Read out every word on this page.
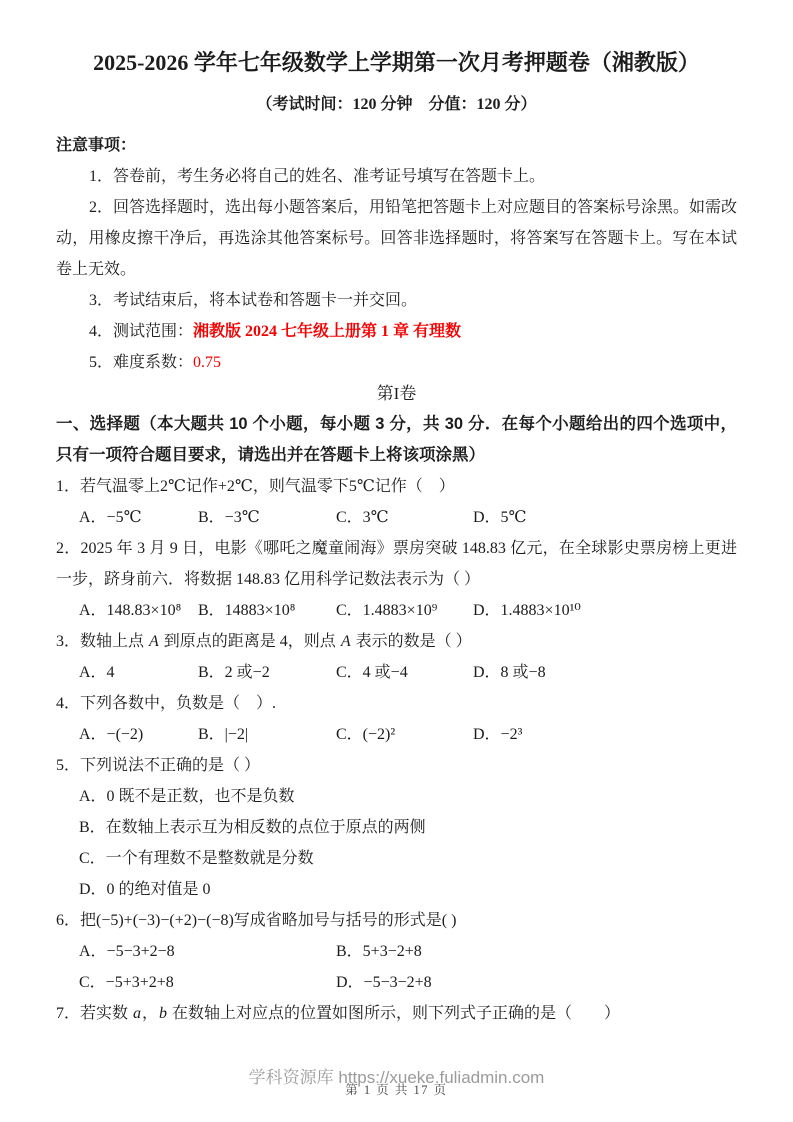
2025-2026 学年七年级数学上学期第一次月考押题卷（湘教版）

（考试时间：120 分钟　分值：120 分）

注意事项：

1．答卷前，考生务必将自己的姓名、准考证号填写在答题卡上。

2．回答选择题时，选出每小题答案后，用铅笔把答题卡上对应题目的答案标号涂黑。如需改动，用橡皮擦干净后，再选涂其他答案标号。回答非选择题时，将答案写在答题卡上。写在本试卷上无效。

3．考试结束后，将本试卷和答题卡一并交回。

4．测试范围：湘教版 2024 七年级上册第 1 章 有理数

5．难度系数：0.75

第I卷

一、选择题（本大题共 10 个小题，每小题 3 分，共 30 分．在每个小题给出的四个选项中，只有一项符合题目要求，请选出并在答题卡上将该项涂黑）

1．若气温零上2℃记作+2℃，则气温零下5℃记作（　）

A．−5℃	B．−3℃	C．3℃	D．5℃

2．2025 年 3 月 9 日，电影《哪吒之魔童闹海》票房突破 148.83 亿元，在全球影史票房榜上更进一步，跻身前六．将数据 148.83 亿用科学记数法表示为（ ）

A．148.83×10⁸	B．14883×10⁸	C．1.4883×10⁹	D．1.4883×10¹⁰

3．数轴上点 A 到原点的距离是 4，则点 A 表示的数是（ ）

A．4	B．2 或−2	C．4 或−4	D．8 或−8

4．下列各数中，负数是（　）.

A．−(−2)	B．|−2|	C．(−2)²	D．−2³

5．下列说法不正确的是（ ）

A．0 既不是正数，也不是负数
B．在数轴上表示互为相反数的点位于原点的两侧
C．一个有理数不是整数就是分数
D．0 的绝对值是 0

6．把(−5)+(−3)−(+2)−(−8)写成省略加号与括号的形式是( )

A．−5−3+2−8	B．5+3−2+8
C．−5+3+2+8	D．−5−3−2+8

7．若实数 a，b 在数轴上对应点的位置如图所示，则下列式子正确的是（　　）

学科资源库 https://xueke.fuliadmin.com
第 1 页 共 17 页
